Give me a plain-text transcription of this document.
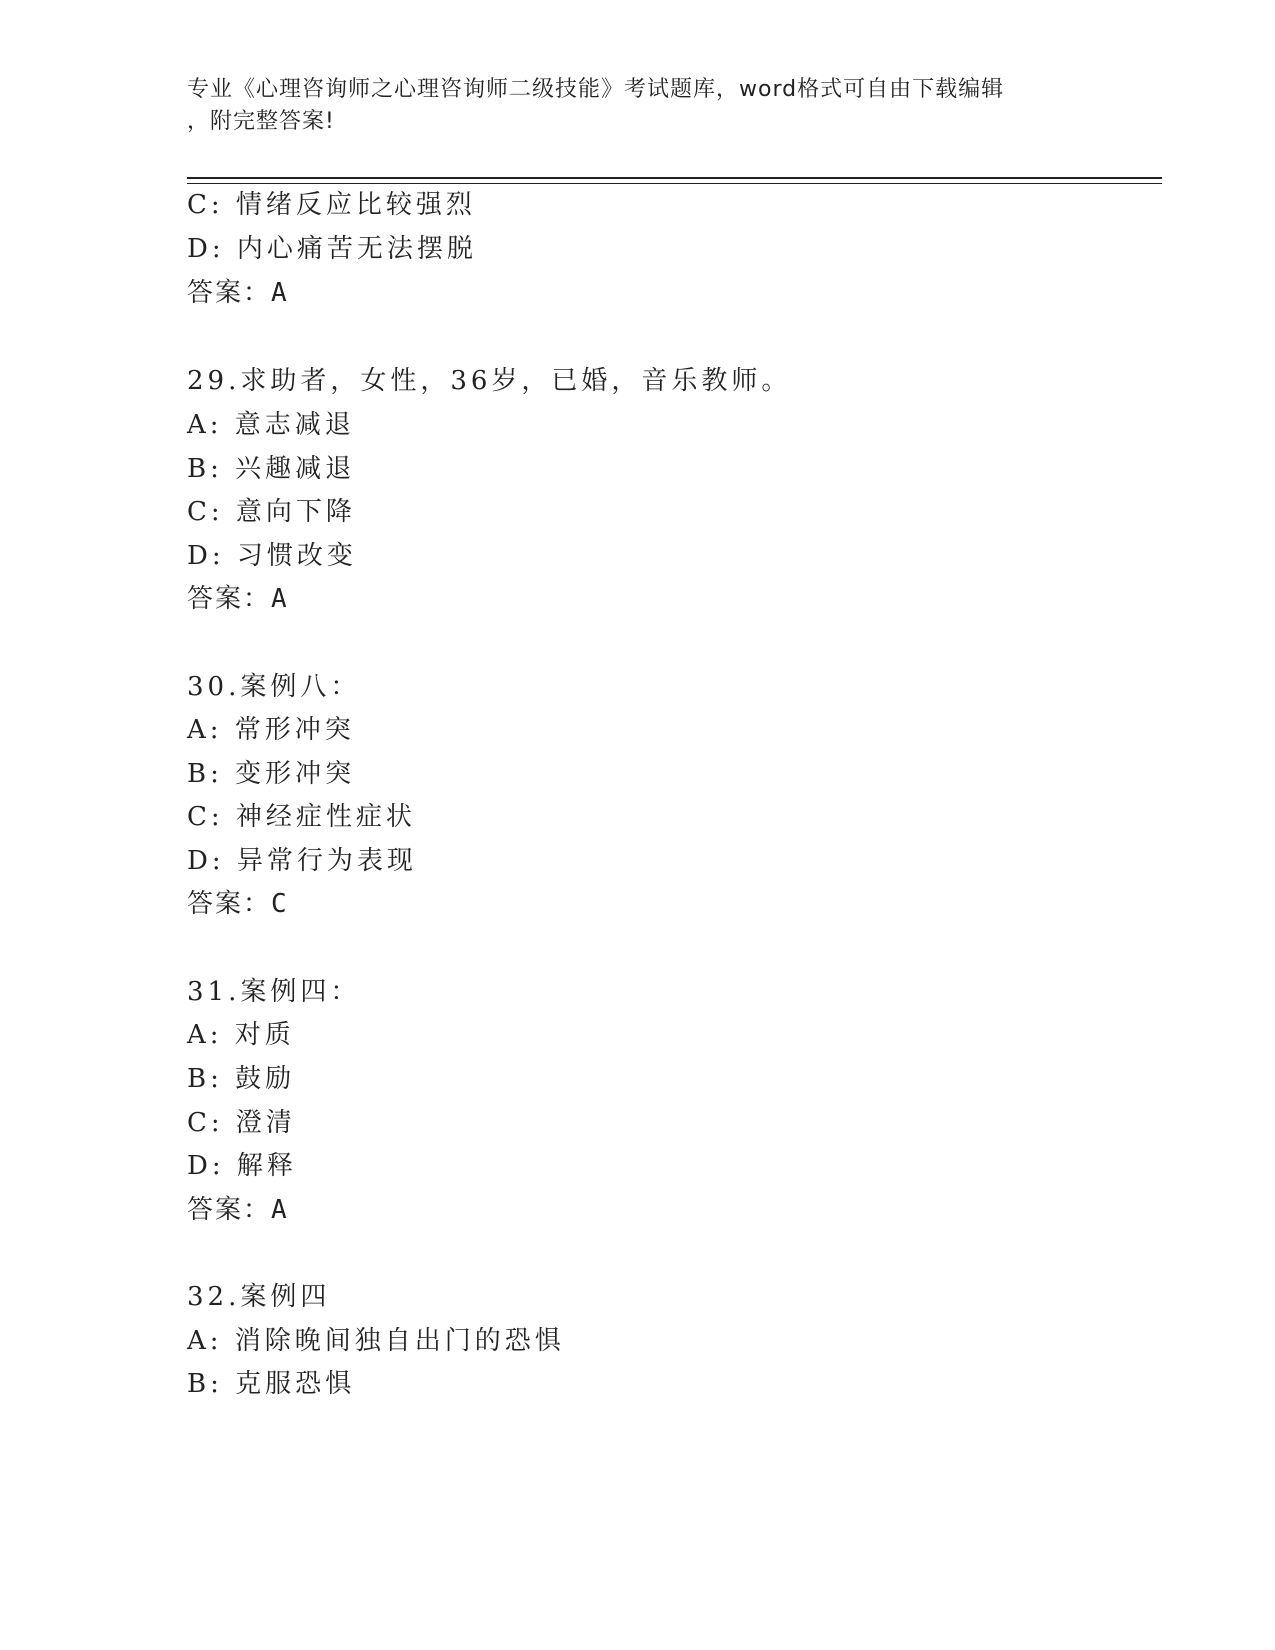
专业《心理咨询师之心理咨询师二级技能》考试题库，word格式可自由下载编辑
，附完整答案!
C: 情绪反应比较强烈
D: 内心痛苦无法摆脱
答案：A
29.求助者，女性，36岁，已婚，音乐教师。
A: 意志减退
B: 兴趣减退
C: 意向下降
D: 习惯改变
答案：A
30.案例八：
A: 常形冲突
B: 变形冲突
C: 神经症性症状
D: 异常行为表现
答案：C
31.案例四：
A: 对质
B: 鼓励
C: 澄清
D: 解释
答案：A
32.案例四
A: 消除晚间独自出门的恐惧
B: 克服恐惧
